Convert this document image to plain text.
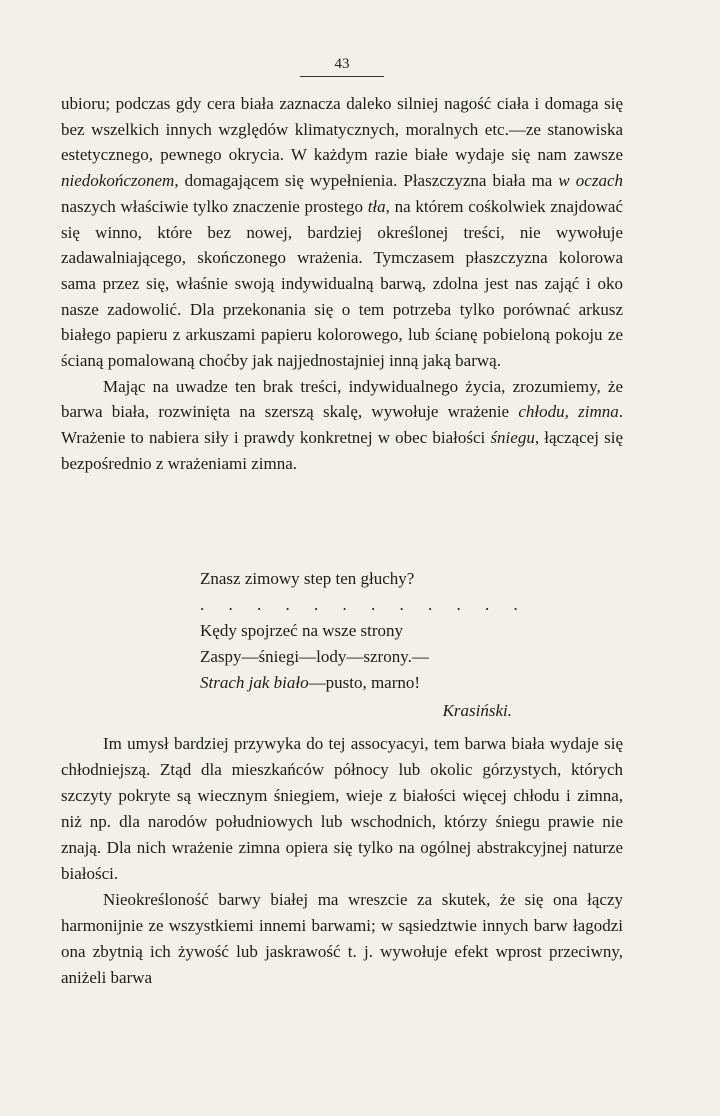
43

ubioru; podczas gdy cera biała zaznacza daleko silniej nagość ciała i domaga się bez wszelkich innych względów klimatycznych, moralnych etc.—ze stanowiska estetycznego, pewnego okrycia. W każdym razie białe wydaje się nam zawsze niedokończonem, domagającem się wypełnienia. Płaszczyzna biała ma w oczach naszych właściwie tylko znaczenie prostego tła, na którem cośkolwiek znajdować się winno, które bez nowej, bardziej określonej treści, nie wywołuje zadawalniającego, skończonego wrażenia. Tymczasem płaszczyzna kolorowa sama przez się, właśnie swoją indywidualną barwą, zdolna jest nas zająć i oko nasze zadowolić. Dla przekonania się o tem potrzeba tylko porównać arkusz białego papieru z arkuszami papieru kolorowego, lub ścianę pobieloną pokoju ze ścianą pomalowaną choćby jak najjednostajniej inną jaką barwą.

Mając na uwadze ten brak treści, indywidualnego życia, zrozumiemy, że barwa biała, rozwinięta na szerszą skalę, wywołuje wrażenie chłodu, zimna. Wrażenie to nabiera siły i prawdy konkretnej w obec białości śniegu, łączącej się bezpośrednio z wrażeniami zimna.

Znasz zimowy step ten głuchy?
. . . . . . . . . . . .
Kędy spojrzeć na wsze strony
Zaspy—śniegi—lody—szrony.—
Strach jak biało—pusto, marno!
Krasiński.

Im umysł bardziej przywyka do tej assocyacyi, tem barwa biała wydaje się chłodniejszą. Ztąd dla mieszkańców północy lub okolic górzystych, których szczyty pokryte są wiecznym śniegiem, wieje z białości więcej chłodu i zimna, niż np. dla narodów południowych lub wschodnich, którzy śniegu prawie nie znają. Dla nich wrażenie zimna opiera się tylko na ogólnej abstrakcyjnej naturze białości.

Nieokreśloność barwy białej ma wreszcie za skutek, że się ona łączy harmonijnie ze wszystkiemi innemi barwami; w sąsiedztwie innych barw łagodzi ona zbytnią ich żywość lub jaskrawość t. j. wywołuje efekt wprost przeciwny, aniżeli barwa
